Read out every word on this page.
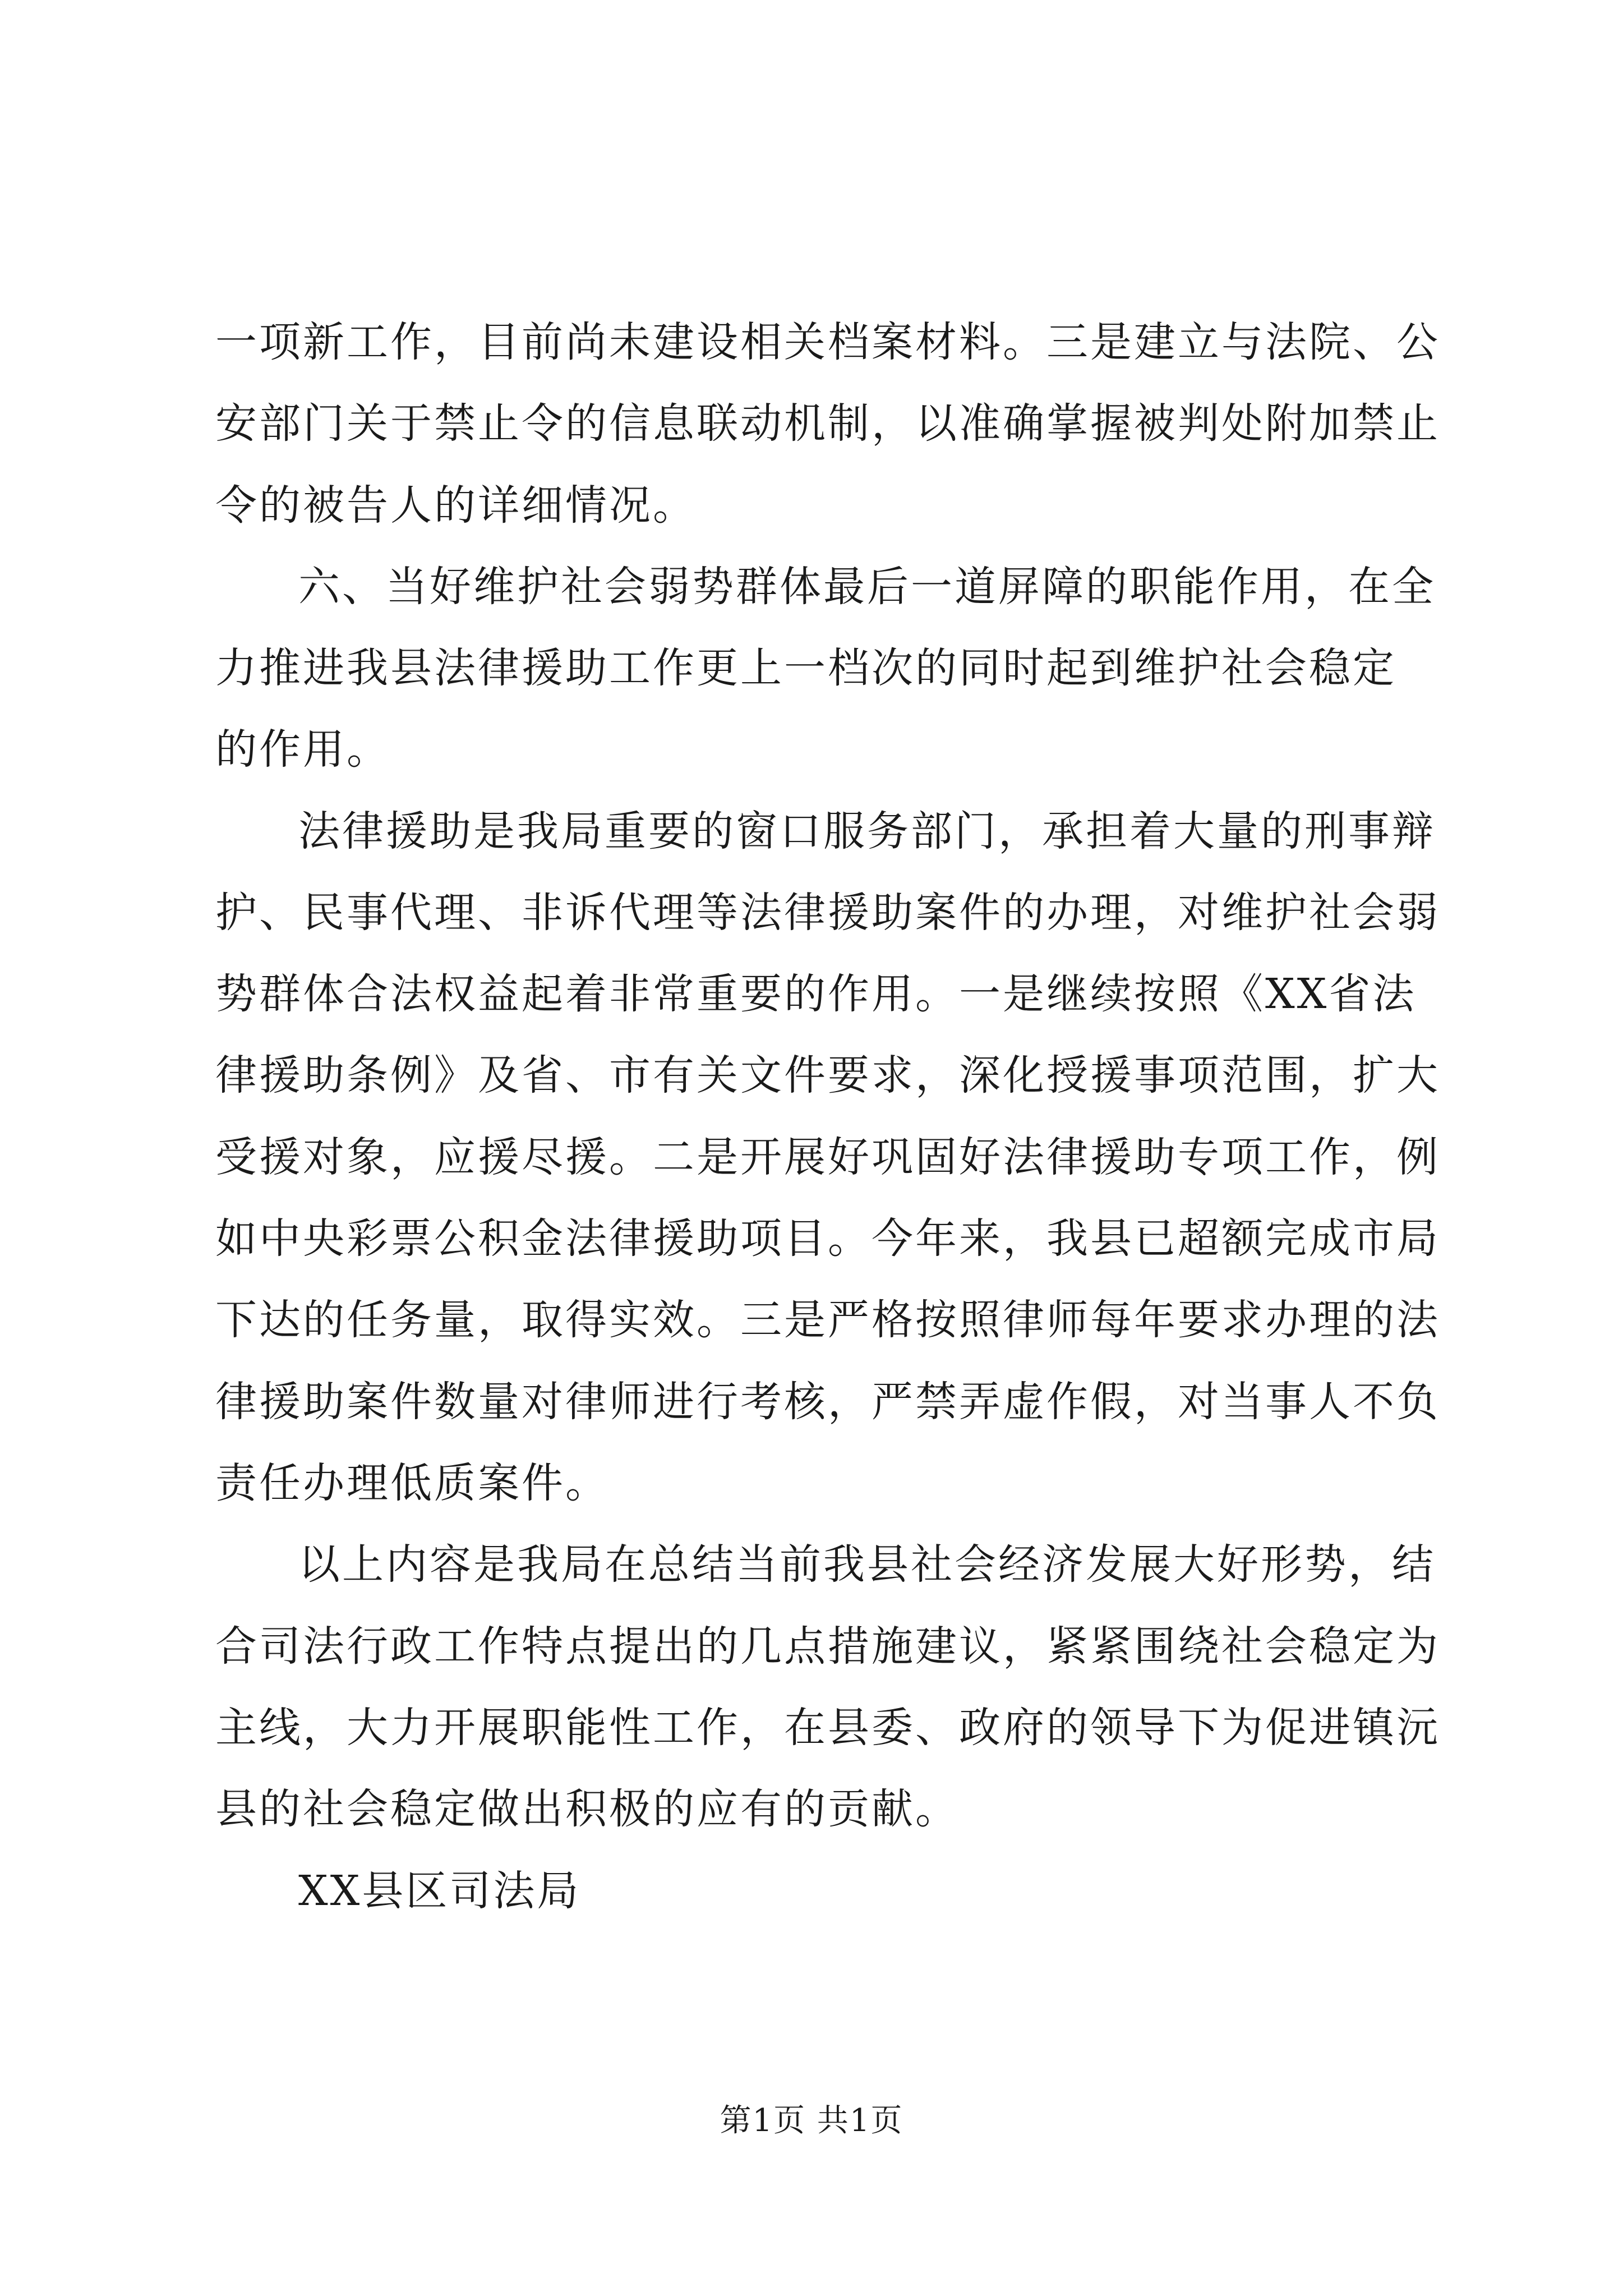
一项新工作，目前尚未建设相关档案材料。三是建立与法院、公
安部门关于禁止令的信息联动机制，以准确掌握被判处附加禁止
令的被告人的详细情况。
六、当好维护社会弱势群体最后一道屏障的职能作用，在全
力推进我县法律援助工作更上一档次的同时起到维护社会稳定
的作用。
法律援助是我局重要的窗口服务部门，承担着大量的刑事辩
护、民事代理、非诉代理等法律援助案件的办理，对维护社会弱
势群体合法权益起着非常重要的作用。一是继续按照《XX省法
律援助条例》及省、市有关文件要求，深化授援事项范围，扩大
受援对象，应援尽援。二是开展好巩固好法律援助专项工作，例
如中央彩票公积金法律援助项目。今年来，我县已超额完成市局
下达的任务量，取得实效。三是严格按照律师每年要求办理的法
律援助案件数量对律师进行考核，严禁弄虚作假，对当事人不负
责任办理低质案件。
以上内容是我局在总结当前我县社会经济发展大好形势，结
合司法行政工作特点提出的几点措施建议，紧紧围绕社会稳定为
主线，大力开展职能性工作，在县委、政府的领导下为促进镇沅
县的社会稳定做出积极的应有的贡献。
XX县区司法局
第1页 共1页
